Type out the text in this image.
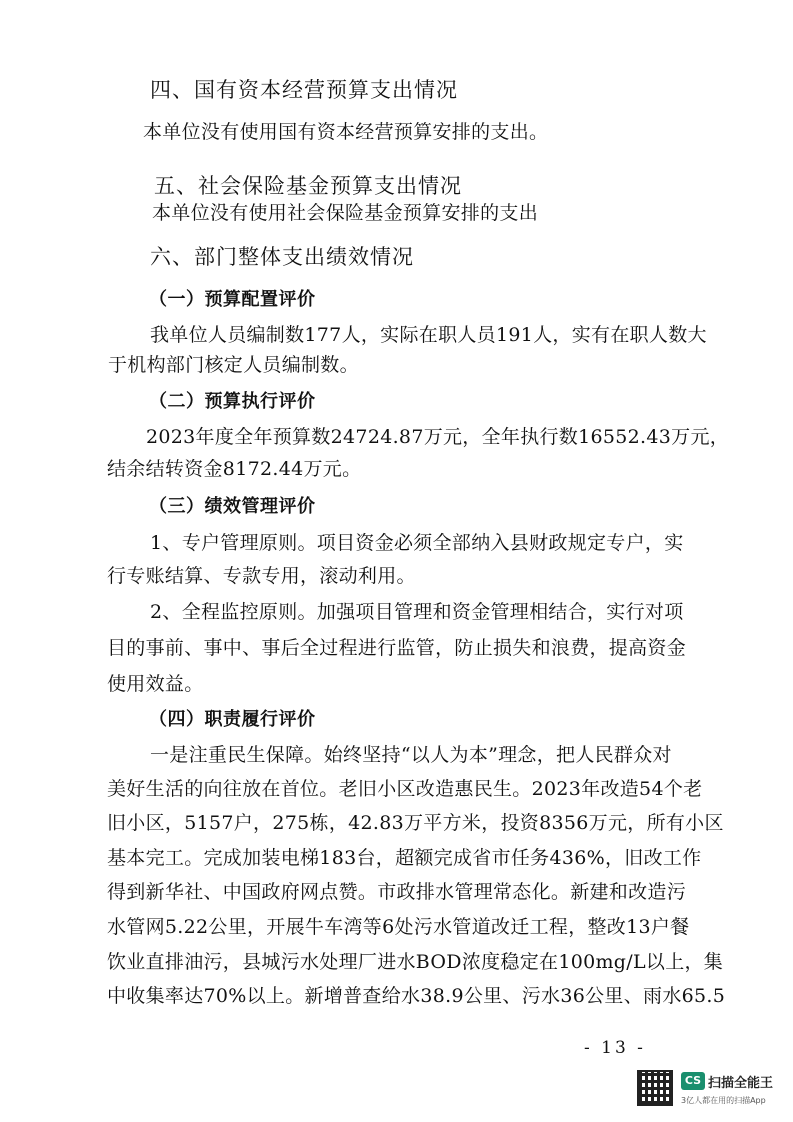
四、国有资本经营预算支出情况
本单位没有使用国有资本经营预算安排的支出。
五、社会保险基金预算支出情况
本单位没有使用社会保险基金预算安排的支出
六、部门整体支出绩效情况
（一）预算配置评价
我单位人员编制数177人，实际在职人员191人，实有在职人数大
于机构部门核定人员编制数。
（二）预算执行评价
2023年度全年预算数24724.87万元，全年执行数16552.43万元，
结余结转资金8172.44万元。
（三）绩效管理评价
1、专户管理原则。项目资金必须全部纳入县财政规定专户，实
行专账结算、专款专用，滚动利用。
2、全程监控原则。加强项目管理和资金管理相结合，实行对项
目的事前、事中、事后全过程进行监管，防止损失和浪费，提高资金
使用效益。
（四）职责履行评价
一是注重民生保障。始终坚持“以人为本”理念，把人民群众对
美好生活的向往放在首位。老旧小区改造惠民生。2023年改造54个老
旧小区，5157户，275栋，42.83万平方米，投资8356万元，所有小区
基本完工。完成加装电梯183台，超额完成省市任务436%，旧改工作
得到新华社、中国政府网点赞。市政排水管理常态化。新建和改造污
水管网5.22公里，开展牛车湾等6处污水管道改迁工程，整改13户餐
饮业直排油污，县城污水处理厂进水BOD浓度稳定在100mg/L以上，集
中收集率达70%以上。新增普查给水38.9公里、污水36公里、雨水65.5
- 13 -
CS 扫描全能王
3亿人都在用的扫描App
